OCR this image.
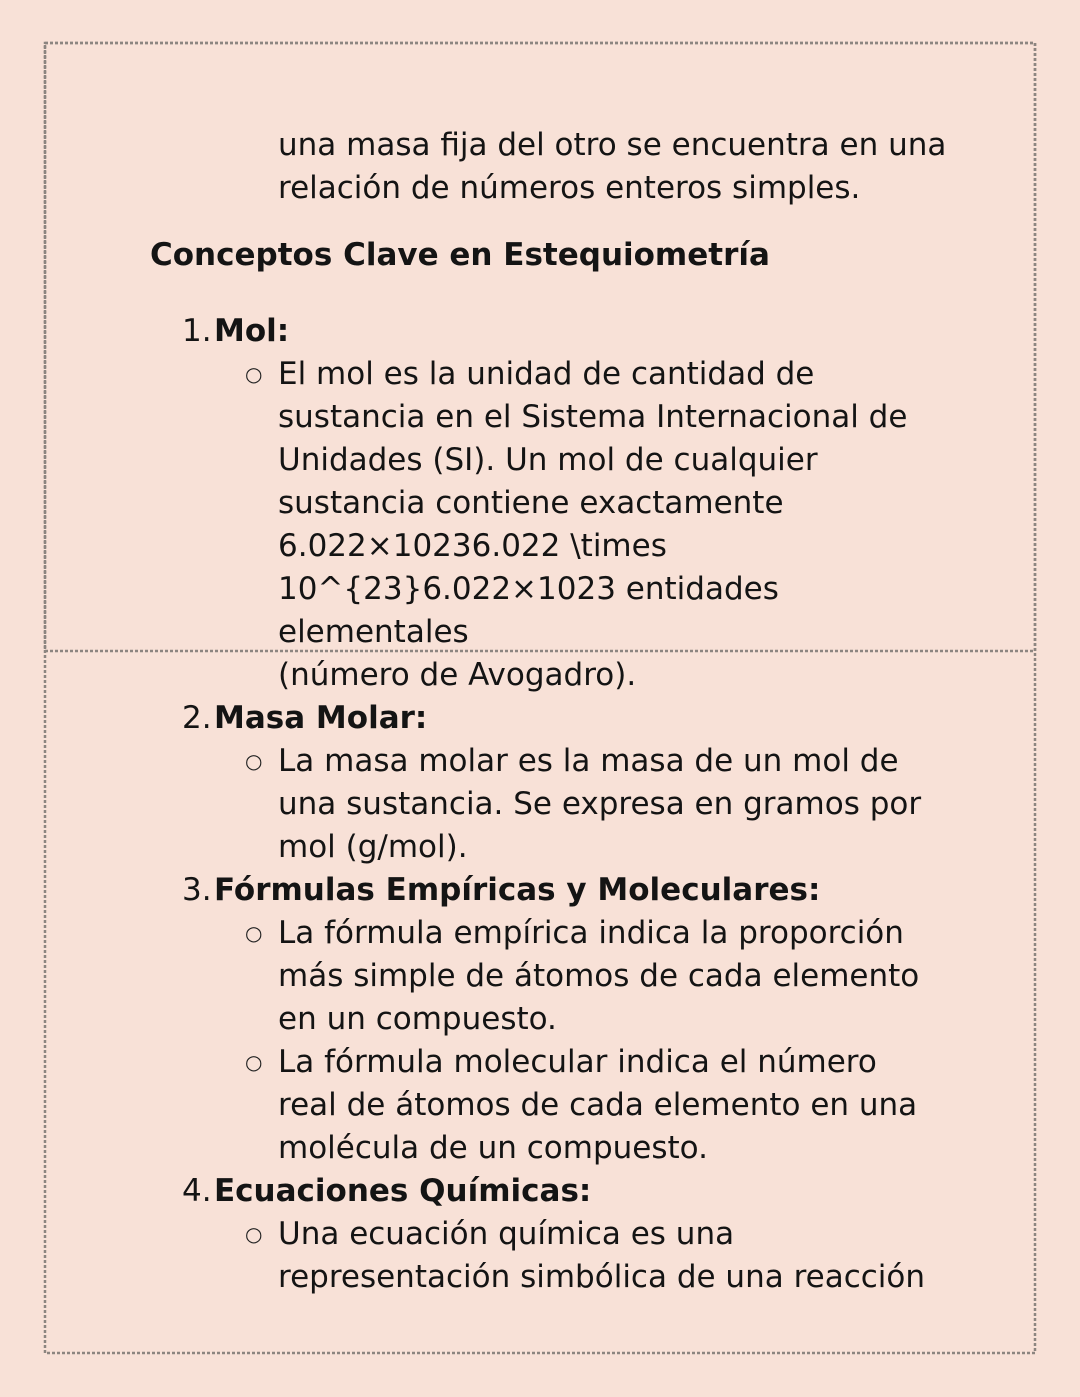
una masa fija del otro se encuentra en una
relación de números enteros simples.
Conceptos Clave en Estequiometría
1.Mol:
○ El mol es la unidad de cantidad de
sustancia en el Sistema Internacional de
Unidades (SI). Un mol de cualquier
sustancia contiene exactamente
6.022×10236.022 \times
10^{23}6.022×1023 entidades elementales
(número de Avogadro).
2.Masa Molar:
○ La masa molar es la masa de un mol de
una sustancia. Se expresa en gramos por
mol (g/mol).
3.Fórmulas Empíricas y Moleculares:
○ La fórmula empírica indica la proporción
más simple de átomos de cada elemento
en un compuesto.
○ La fórmula molecular indica el número
real de átomos de cada elemento en una
molécula de un compuesto.
4.Ecuaciones Químicas:
○ Una ecuación química es una
representación simbólica de una reacción
